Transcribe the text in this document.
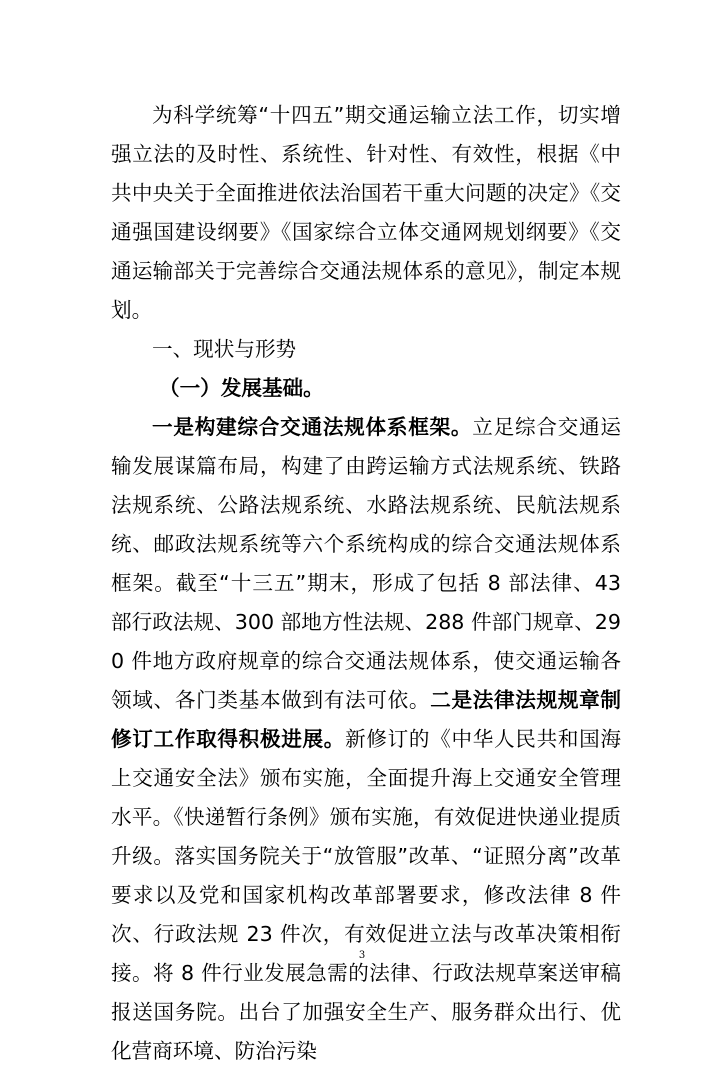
为科学统筹“十四五”期交通运输立法工作，切实增强立法的及时性、系统性、针对性、有效性，根据《中共中央关于全面推进依法治国若干重大问题的决定》《交通强国建设纲要》《国家综合立体交通网规划纲要》《交通运输部关于完善综合交通法规体系的意见》，制定本规划。

一、现状与形势

（一）发展基础。

一是构建综合交通法规体系框架。立足综合交通运输发展谋篇布局，构建了由跨运输方式法规系统、铁路法规系统、公路法规系统、水路法规系统、民航法规系统、邮政法规系统等六个系统构成的综合交通法规体系框架。截至“十三五”期末，形成了包括 8 部法律、43 部行政法规、300 部地方性法规、288 件部门规章、290 件地方政府规章的综合交通法规体系，使交通运输各领域、各门类基本做到有法可依。二是法律法规规章制修订工作取得积极进展。新修订的《中华人民共和国海上交通安全法》颁布实施，全面提升海上交通安全管理水平。《快递暂行条例》颁布实施，有效促进快递业提质升级。落实国务院关于“放管服”改革、“证照分离”改革要求以及党和国家机构改革部署要求，修改法律 8 件次、行政法规 23 件次，有效促进立法与改革决策相衔接。将 8 件行业发展急需的法律、行政法规草案送审稿报送国务院。出台了加强安全生产、服务群众出行、优化营商环境、防治污染

3
